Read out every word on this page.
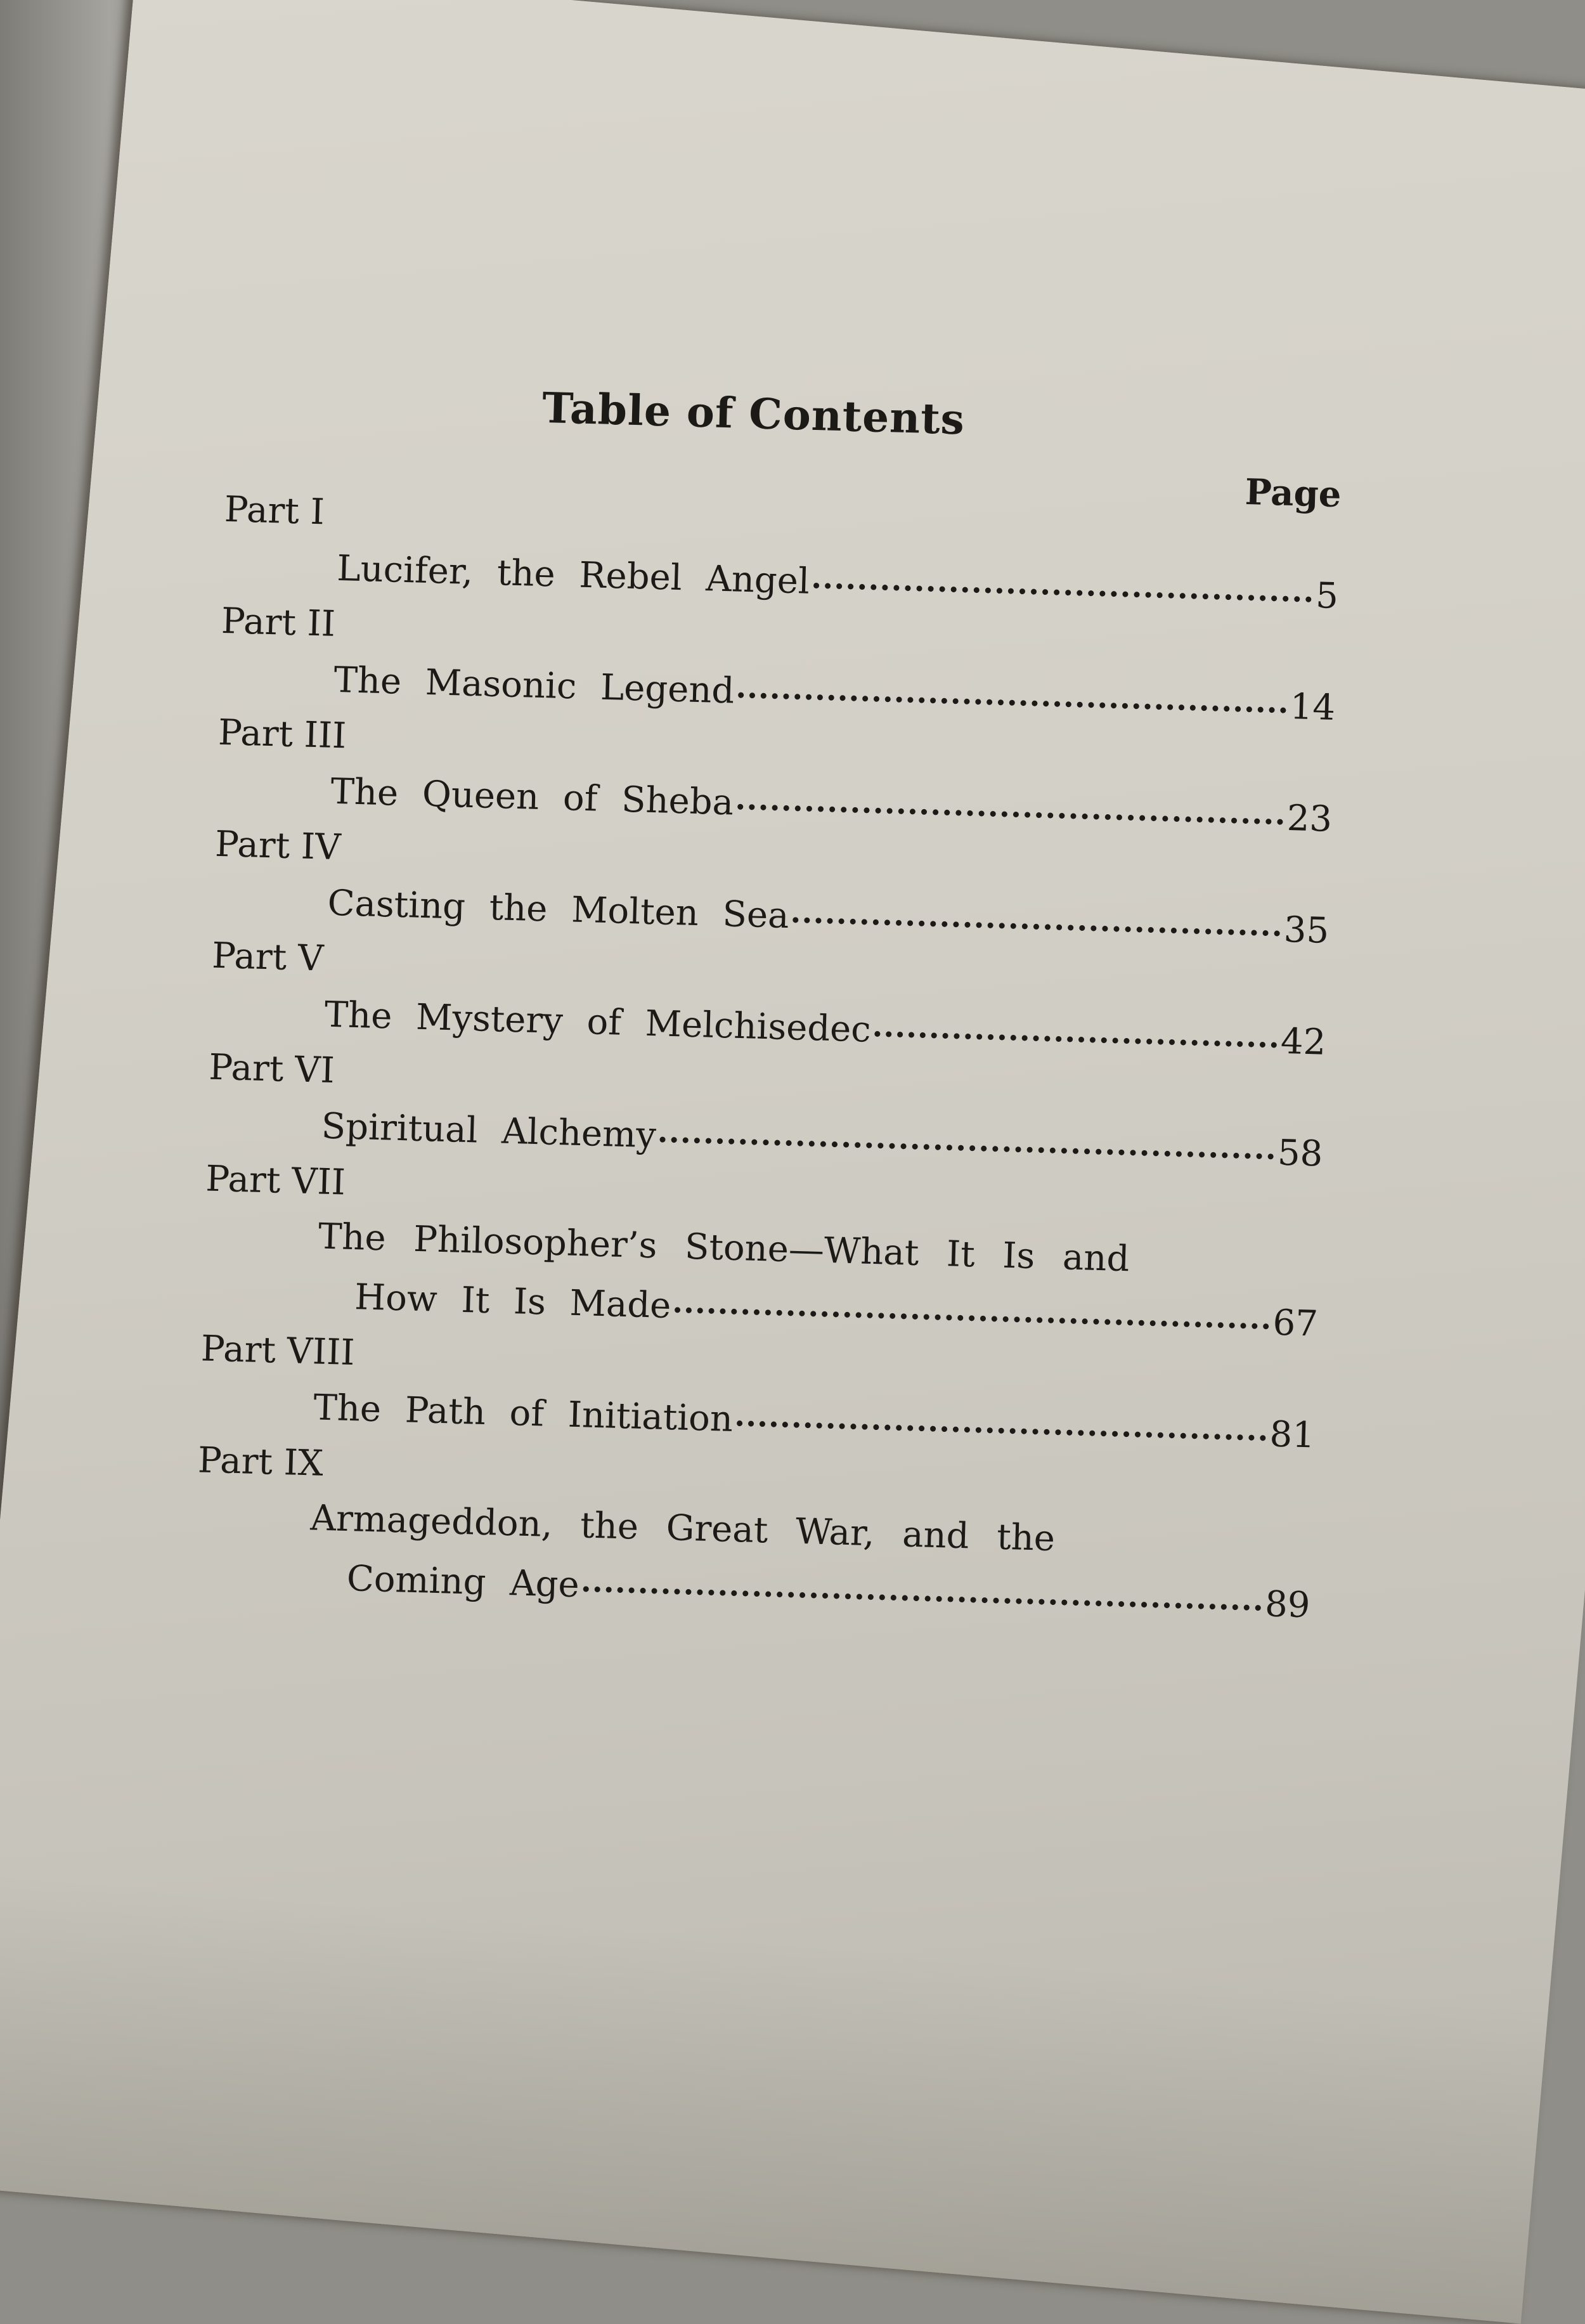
Table of Contents
Page
Part I
Lucifer, the Rebel Angel	5
Part II
The Masonic Legend	14
Part III
The Queen of Sheba	23
Part IV
Casting the Molten Sea	35
Part V
The Mystery of Melchisedec	42
Part VI
Spiritual Alchemy	58
Part VII
The Philosopher’s Stone—What It Is and
How It Is Made	67
Part VIII
The Path of Initiation	81
Part IX
Armageddon, the Great War, and the
Coming Age	89
